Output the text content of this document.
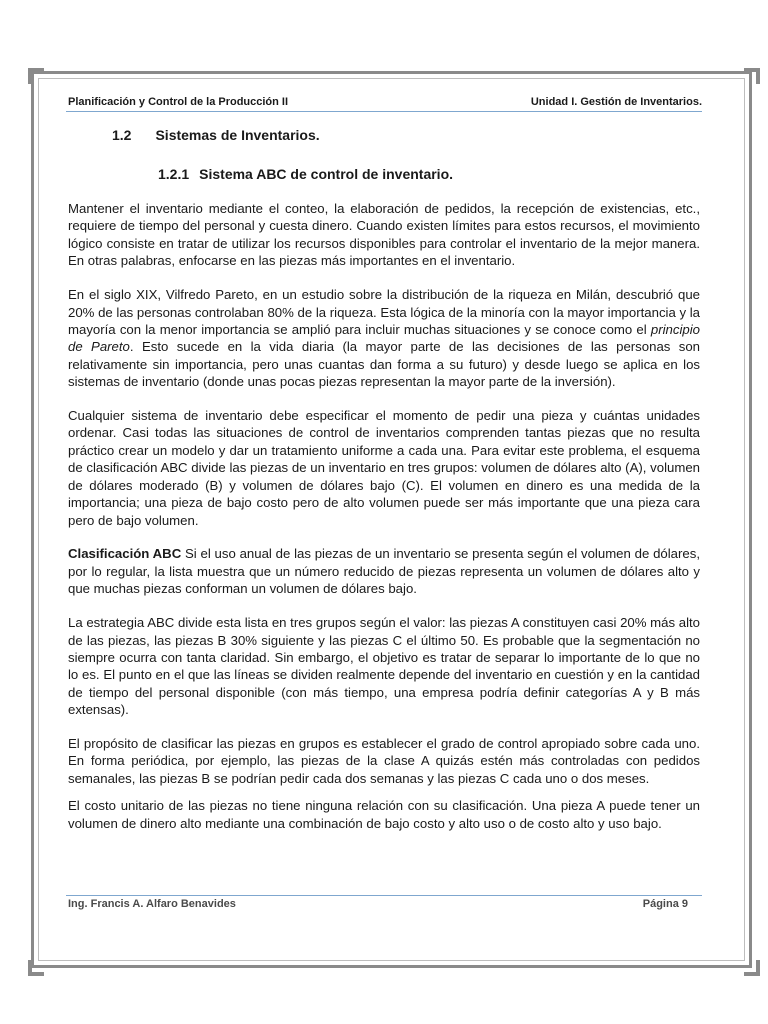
Planificación y Control de la Producción II	Unidad I. Gestión de Inventarios.
1.2 Sistemas de Inventarios.
1.2.1 Sistema ABC de control de inventario.

Mantener el inventario mediante el conteo, la elaboración de pedidos, la recepción de existencias, etc., requiere de tiempo del personal y cuesta dinero. Cuando existen límites para estos recursos, el movimiento lógico consiste en tratar de utilizar los recursos disponibles para controlar el inventario de la mejor manera. En otras palabras, enfocarse en las piezas más importantes en el inventario.

En el siglo XIX, Vilfredo Pareto, en un estudio sobre la distribución de la riqueza en Milán, descubrió que 20% de las personas controlaban 80% de la riqueza. Esta lógica de la minoría con la mayor importancia y la mayoría con la menor importancia se amplió para incluir muchas situaciones y se conoce como el principio de Pareto. Esto sucede en la vida diaria (la mayor parte de las decisiones de las personas son relativamente sin importancia, pero unas cuantas dan forma a su futuro) y desde luego se aplica en los sistemas de inventario (donde unas pocas piezas representan la mayor parte de la inversión).

Cualquier sistema de inventario debe especificar el momento de pedir una pieza y cuántas unidades ordenar. Casi todas las situaciones de control de inventarios comprenden tantas piezas que no resulta práctico crear un modelo y dar un tratamiento uniforme a cada una. Para evitar este problema, el esquema de clasificación ABC divide las piezas de un inventario en tres grupos: volumen de dólares alto (A), volumen de dólares moderado (B) y volumen de dólares bajo (C). El volumen en dinero es una medida de la importancia; una pieza de bajo costo pero de alto volumen puede ser más importante que una pieza cara pero de bajo volumen.

Clasificación ABC Si el uso anual de las piezas de un inventario se presenta según el volumen de dólares, por lo regular, la lista muestra que un número reducido de piezas representa un volumen de dólares alto y que muchas piezas conforman un volumen de dólares bajo.

La estrategia ABC divide esta lista en tres grupos según el valor: las piezas A constituyen casi 20% más alto de las piezas, las piezas B 30% siguiente y las piezas C el último 50. Es probable que la segmentación no siempre ocurra con tanta claridad. Sin embargo, el objetivo es tratar de separar lo importante de lo que no lo es. El punto en el que las líneas se dividen realmente depende del inventario en cuestión y en la cantidad de tiempo del personal disponible (con más tiempo, una empresa podría definir categorías A y B más extensas).

El propósito de clasificar las piezas en grupos es establecer el grado de control apropiado sobre cada uno. En forma periódica, por ejemplo, las piezas de la clase A quizás estén más controladas con pedidos semanales, las piezas B se podrían pedir cada dos semanas y las piezas C cada uno o dos meses.

El costo unitario de las piezas no tiene ninguna relación con su clasificación. Una pieza A puede tener un volumen de dinero alto mediante una combinación de bajo costo y alto uso o de costo alto y uso bajo.

Ing. Francis A. Alfaro Benavides	Página 9
